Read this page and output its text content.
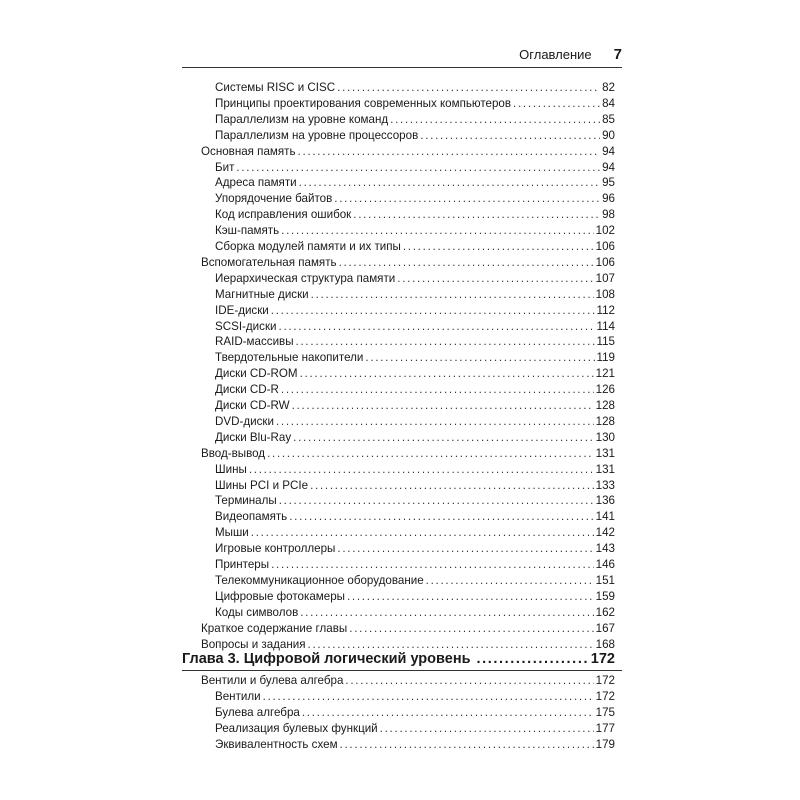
Оглавление 7
Системы RISC и CISC . . .	82
Принципы проектирования современных компьютеров . . .	84
Параллелизм на уровне команд . . .	85
Параллелизм на уровне процессоров . . .	90
Основная память . . .	94
Бит . . .	94
Адреса памяти . . .	95
Упорядочение байтов . . .	96
Код исправления ошибок . . .	98
Кэш-память . . .	102
Сборка модулей памяти и их типы . . .	106
Вспомогательная память . . .	106
Иерархическая структура памяти . . .	107
Магнитные диски . . .	108
IDE-диски . . .	112
SCSI-диски . . .	114
RAID-массивы . . .	115
Твердотельные накопители . . .	119
Диски CD-ROM . . .	121
Диски CD-R . . .	126
Диски CD-RW . . .	128
DVD-диски . . .	128
Диски Blu-Ray . . .	130
Ввод-вывод . . .	131
Шины . . .	131
Шины PCI и PCIe . . .	133
Терминалы . . .	136
Видеопамять . . .	141
Мыши . . .	142
Игровые контроллеры . . .	143
Принтеры . . .	146
Телекоммуникационное оборудование . . .	151
Цифровые фотокамеры . . .	159
Коды символов . . .	162
Краткое содержание главы . . .	167
Вопросы и задания . . .	168
Глава 3. Цифровой логический уровень .....	172
Вентили и булева алгебра . . .	172
Вентили . . .	172
Булева алгебра . . .	175
Реализация булевых функций . . .	177
Эквивалентность схем . . .	179
